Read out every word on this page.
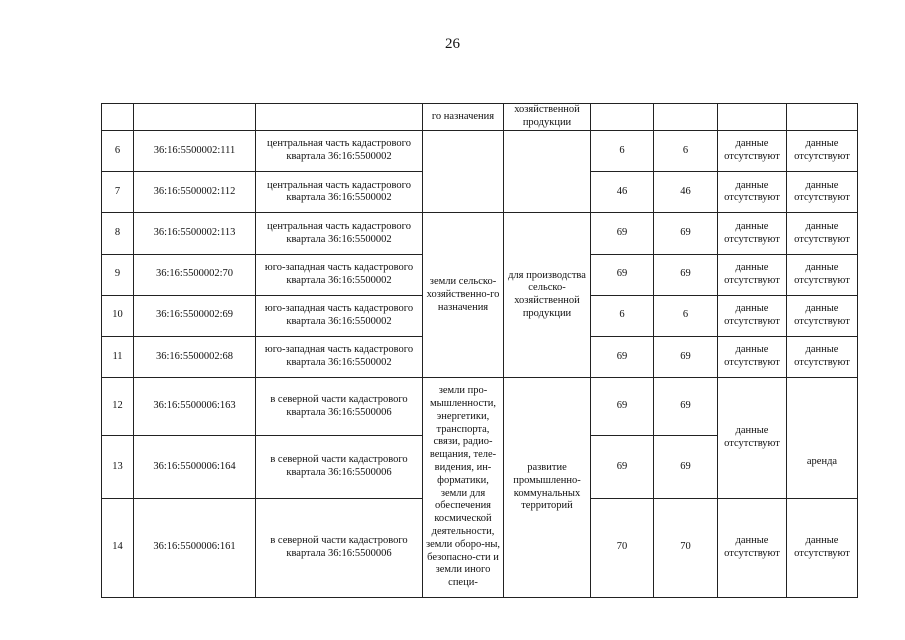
26
			го назначения	хозяйственной продукции				
6	36:16:5500002:111	центральная часть кадастрового квартала 36:16:5500002			6	6	данные отсутствуют	данные отсутствуют
7	36:16:5500002:112	центральная часть кадастрового квартала 36:16:5500002			46	46	данные отсутствуют	данные отсутствуют
8	36:16:5500002:113	центральная часть кадастрового квартала 36:16:5500002	земли сельско-хозяйственно-го назначения	для производства сельско-хозяйственной продукции	69	69	данные отсутствуют	данные отсутствуют
9	36:16:5500002:70	юго-западная часть кадастрового квартала 36:16:5500002			69	69	данные отсутствуют	данные отсутствуют
10	36:16:5500002:69	юго-западная часть кадастрового квартала 36:16:5500002			6	6	данные отсутствуют	данные отсутствуют
11	36:16:5500002:68	юго-западная часть кадастрового квартала 36:16:5500002			69	69	данные отсутствуют	данные отсутствуют
12	36:16:5500006:163	в северной части кадастрового квартала 36:16:5500006	земли про-мышленности, энергетики, транспорта, связи, радио-вещания, теле-видения, ин-форматики, земли для обеспечения космической деятельности, земли оборо-ны, безопасно-сти и земли иного специ-	развитие промышленно-коммунальных территорий	69	69	данные отсутствуют	аренда
13	36:16:5500006:164	в северной части кадастрового квартала 36:16:5500006			69	69		
14	36:16:5500006:161	в северной части кадастрового квартала 36:16:5500006			70	70	данные отсутствуют	данные отсутствуют
